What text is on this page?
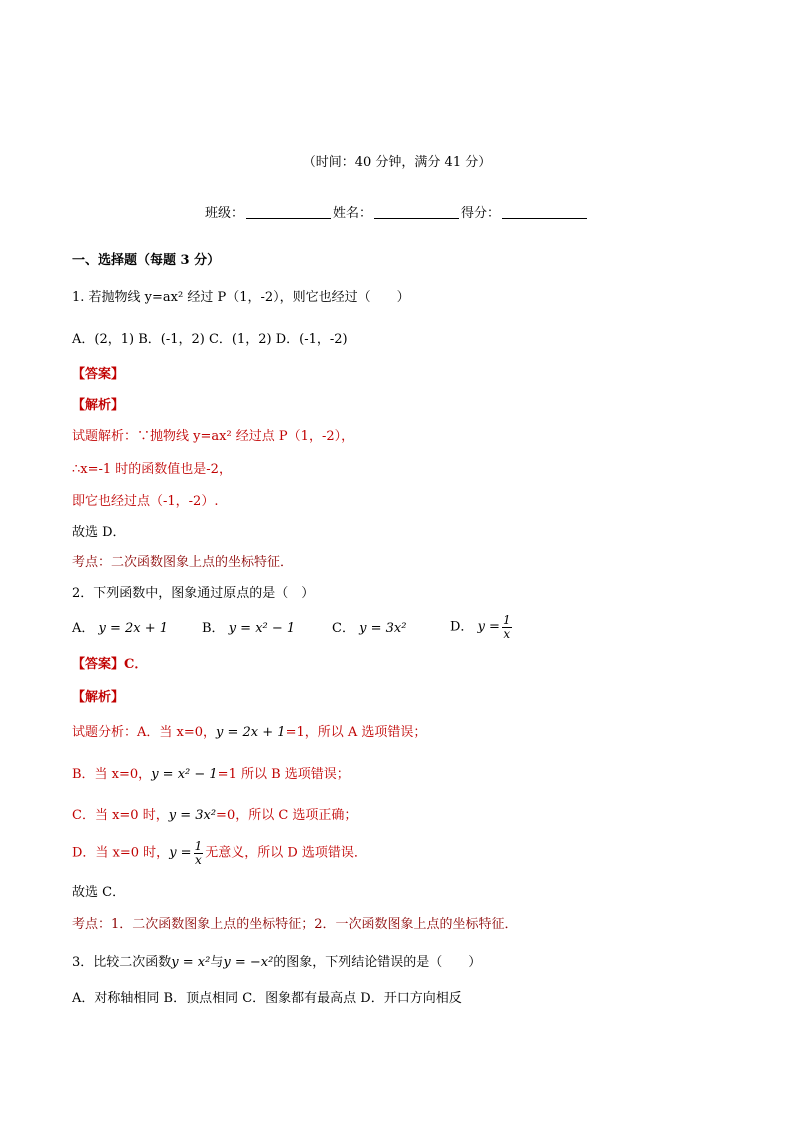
（时间：40 分钟，满分 41 分）
班级：	姓名：	得分：
一、选择题（每题 3 分）
1. 若抛物线 y=ax² 经过 P（1，-2），则它也经过（　　）
A．(2，1) B．(-1，2) C．(1，2) D．(-1，-2)
【答案】
【解析】
试题解析：∵抛物线 y=ax² 经过点 P（1，-2），
∴x=-1 时的函数值也是-2，
即它也经过点（-1，-2）.
故选 D．
考点：二次函数图象上点的坐标特征．
2．下列函数中，图象通过原点的是（　）
A． y = 2x + 1	B． y = x² − 1	C． y = 3x²	D． $y = \frac{1}{x}$
【答案】C．
【解析】
试题分析：A．当 x=0，y = 2x + 1=1，所以 A 选项错误；
B．当 x=0，y = x² − 1=1 所以 B 选项错误；
C．当 x=0 时，y = 3x²=0，所以 C 选项正确；
D．当 x=0 时，$y = \frac{1}{x}$ 无意义，所以 D 选项错误．
故选 C．
考点：1．二次函数图象上点的坐标特征；2．一次函数图象上点的坐标特征．
3．比较二次函数y = x²与y = −x²的图象，下列结论错误的是（　　）
A．对称轴相同 B．顶点相同 C．图象都有最高点 D．开口方向相反
